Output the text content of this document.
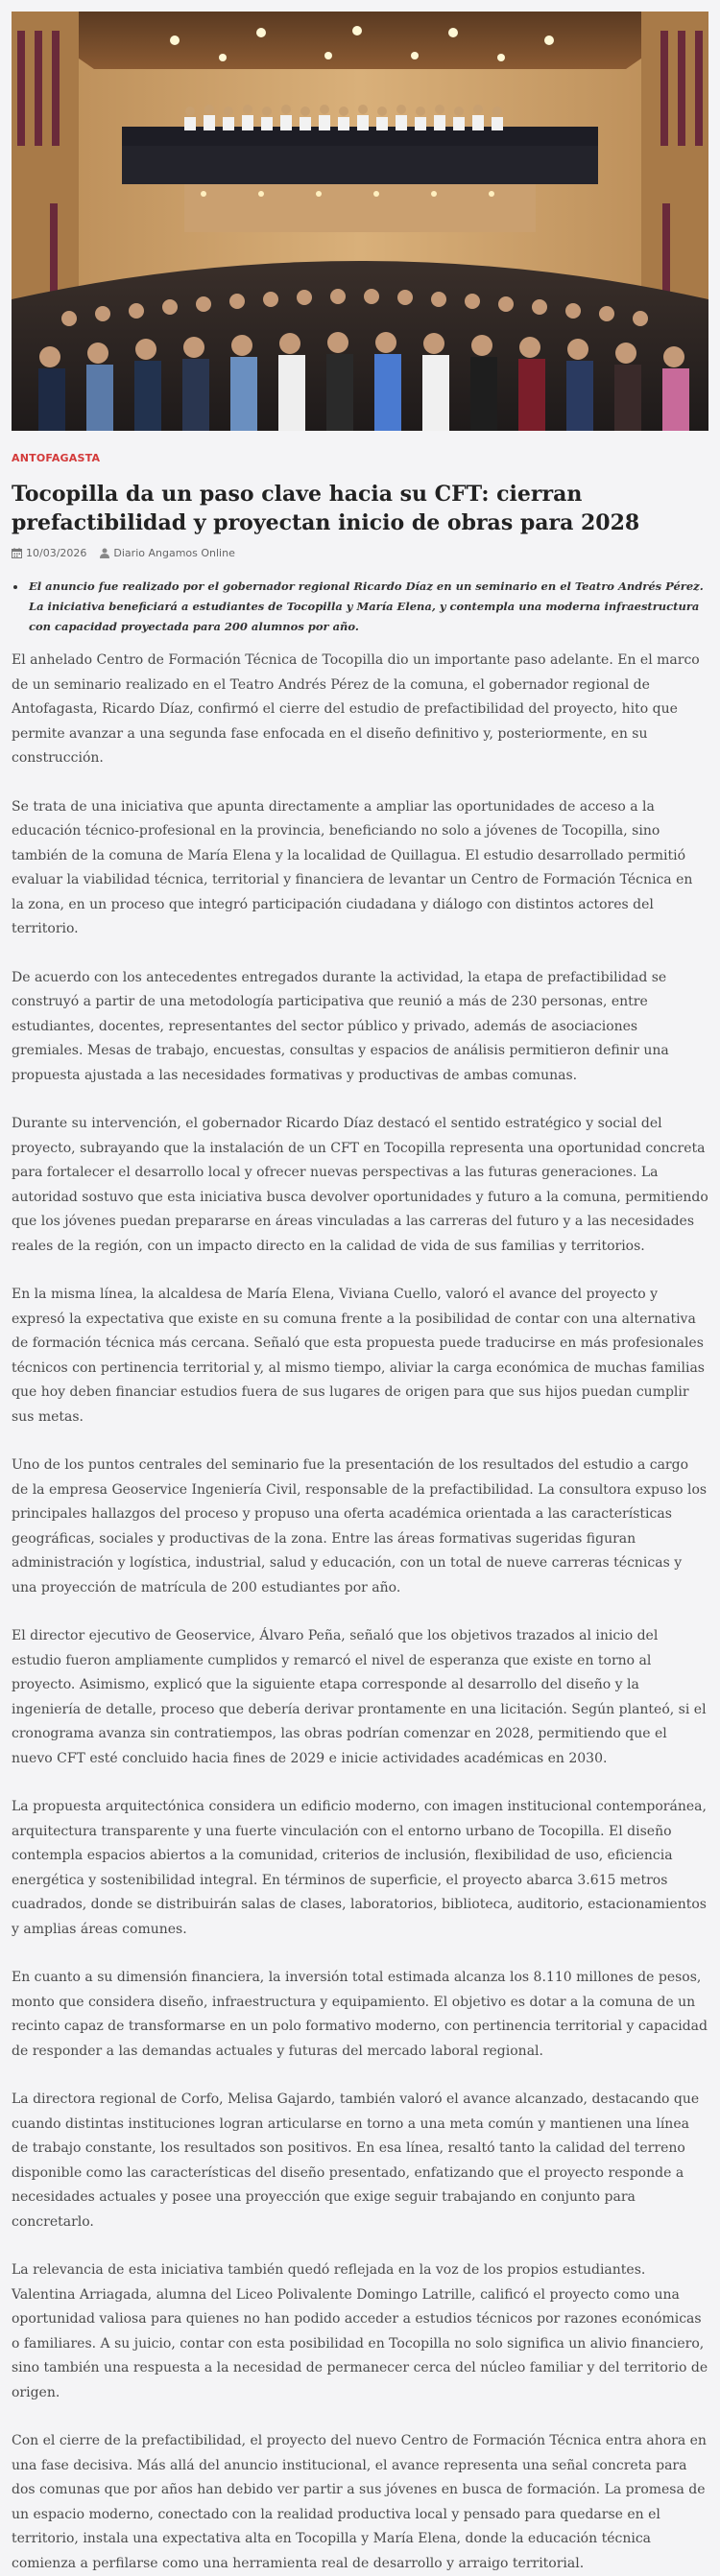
ANTOFAGASTA
Tocopilla da un paso clave hacia su CFT: cierran prefactibilidad y proyectan inicio de obras para 2028
10/03/2026	Diario Angamos Online
• El anuncio fue realizado por el gobernador regional Ricardo Díaz en un seminario en el Teatro Andrés Pérez. La iniciativa beneficiará a estudiantes de Tocopilla y María Elena, y contempla una moderna infraestructura con capacidad proyectada para 200 alumnos por año.

El anhelado Centro de Formación Técnica de Tocopilla dio un importante paso adelante. En el marco de un seminario realizado en el Teatro Andrés Pérez de la comuna, el gobernador regional de Antofagasta, Ricardo Díaz, confirmó el cierre del estudio de prefactibilidad del proyecto, hito que permite avanzar a una segunda fase enfocada en el diseño definitivo y, posteriormente, en su construcción.

Se trata de una iniciativa que apunta directamente a ampliar las oportunidades de acceso a la educación técnico-profesional en la provincia, beneficiando no solo a jóvenes de Tocopilla, sino también de la comuna de María Elena y la localidad de Quillagua. El estudio desarrollado permitió evaluar la viabilidad técnica, territorial y financiera de levantar un Centro de Formación Técnica en la zona, en un proceso que integró participación ciudadana y diálogo con distintos actores del territorio.

De acuerdo con los antecedentes entregados durante la actividad, la etapa de prefactibilidad se construyó a partir de una metodología participativa que reunió a más de 230 personas, entre estudiantes, docentes, representantes del sector público y privado, además de asociaciones gremiales. Mesas de trabajo, encuestas, consultas y espacios de análisis permitieron definir una propuesta ajustada a las necesidades formativas y productivas de ambas comunas.

Durante su intervención, el gobernador Ricardo Díaz destacó el sentido estratégico y social del proyecto, subrayando que la instalación de un CFT en Tocopilla representa una oportunidad concreta para fortalecer el desarrollo local y ofrecer nuevas perspectivas a las futuras generaciones. La autoridad sostuvo que esta iniciativa busca devolver oportunidades y futuro a la comuna, permitiendo que los jóvenes puedan prepararse en áreas vinculadas a las carreras del futuro y a las necesidades reales de la región, con un impacto directo en la calidad de vida de sus familias y territorios.

En la misma línea, la alcaldesa de María Elena, Viviana Cuello, valoró el avance del proyecto y expresó la expectativa que existe en su comuna frente a la posibilidad de contar con una alternativa de formación técnica más cercana. Señaló que esta propuesta puede traducirse en más profesionales técnicos con pertinencia territorial y, al mismo tiempo, aliviar la carga económica de muchas familias que hoy deben financiar estudios fuera de sus lugares de origen para que sus hijos puedan cumplir sus metas.

Uno de los puntos centrales del seminario fue la presentación de los resultados del estudio a cargo de la empresa Geoservice Ingeniería Civil, responsable de la prefactibilidad. La consultora expuso los principales hallazgos del proceso y propuso una oferta académica orientada a las características geográficas, sociales y productivas de la zona. Entre las áreas formativas sugeridas figuran administración y logística, industrial, salud y educación, con un total de nueve carreras técnicas y una proyección de matrícula de 200 estudiantes por año.

El director ejecutivo de Geoservice, Álvaro Peña, señaló que los objetivos trazados al inicio del estudio fueron ampliamente cumplidos y remarcó el nivel de esperanza que existe en torno al proyecto. Asimismo, explicó que la siguiente etapa corresponde al desarrollo del diseño y la ingeniería de detalle, proceso que debería derivar prontamente en una licitación. Según planteó, si el cronograma avanza sin contratiempos, las obras podrían comenzar en 2028, permitiendo que el nuevo CFT esté concluido hacia fines de 2029 e inicie actividades académicas en 2030.

La propuesta arquitectónica considera un edificio moderno, con imagen institucional contemporánea, arquitectura transparente y una fuerte vinculación con el entorno urbano de Tocopilla. El diseño contempla espacios abiertos a la comunidad, criterios de inclusión, flexibilidad de uso, eficiencia energética y sostenibilidad integral. En términos de superficie, el proyecto abarca 3.615 metros cuadrados, donde se distribuirán salas de clases, laboratorios, biblioteca, auditorio, estacionamientos y amplias áreas comunes.

En cuanto a su dimensión financiera, la inversión total estimada alcanza los 8.110 millones de pesos, monto que considera diseño, infraestructura y equipamiento. El objetivo es dotar a la comuna de un recinto capaz de transformarse en un polo formativo moderno, con pertinencia territorial y capacidad de responder a las demandas actuales y futuras del mercado laboral regional.

La directora regional de Corfo, Melisa Gajardo, también valoró el avance alcanzado, destacando que cuando distintas instituciones logran articularse en torno a una meta común y mantienen una línea de trabajo constante, los resultados son positivos. En esa línea, resaltó tanto la calidad del terreno disponible como las características del diseño presentado, enfatizando que el proyecto responde a necesidades actuales y posee una proyección que exige seguir trabajando en conjunto para concretarlo.

La relevancia de esta iniciativa también quedó reflejada en la voz de los propios estudiantes. Valentina Arriagada, alumna del Liceo Polivalente Domingo Latrille, calificó el proyecto como una oportunidad valiosa para quienes no han podido acceder a estudios técnicos por razones económicas o familiares. A su juicio, contar con esta posibilidad en Tocopilla no solo significa un alivio financiero, sino también una respuesta a la necesidad de permanecer cerca del núcleo familiar y del territorio de origen.

Con el cierre de la prefactibilidad, el proyecto del nuevo Centro de Formación Técnica entra ahora en una fase decisiva. Más allá del anuncio institucional, el avance representa una señal concreta para dos comunas que por años han debido ver partir a sus jóvenes en busca de formación. La promesa de un espacio moderno, conectado con la realidad productiva local y pensado para quedarse en el territorio, instala una expectativa alta en Tocopilla y María Elena, donde la educación técnica comienza a perfilarse como una herramienta real de desarrollo y arraigo territorial.
